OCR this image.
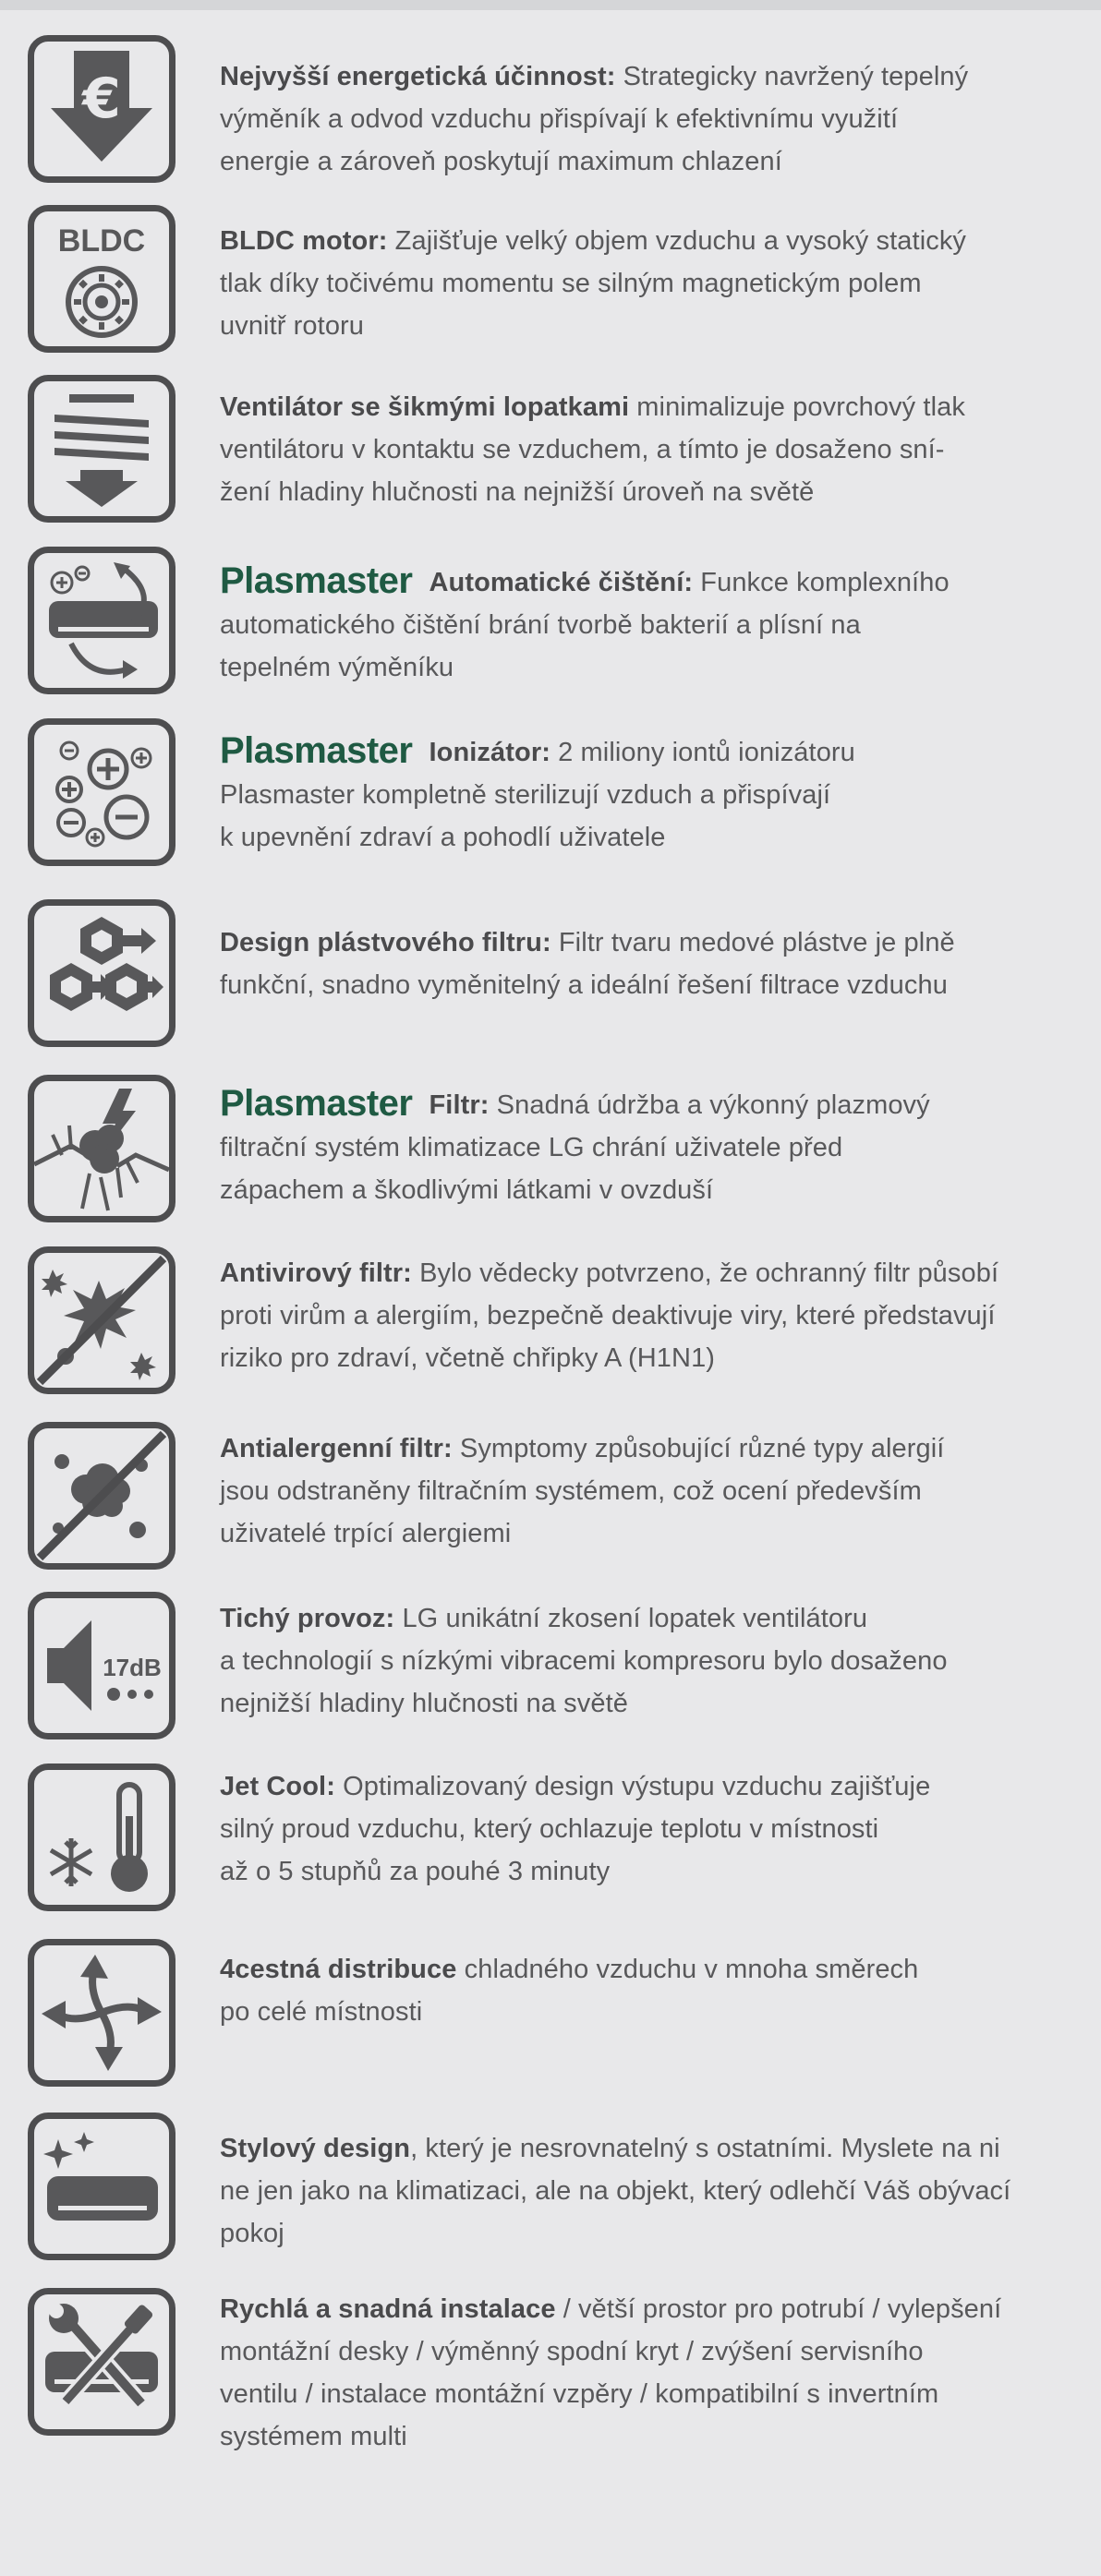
€	Nejvyšší energetická účinnost: Strategicky navržený tepelný
výměník a odvod vzduchu přispívají k efektivnímu využití
energie a zároveň poskytují maximum chlazení
BLDC	BLDC motor: Zajišťuje velký objem vzduchu a vysoký statický
tlak díky točivému momentu se silným magnetickým polem
uvnitř rotoru
Ventilátor se šikmými lopatkami minimalizuje povrchový tlak
ventilátoru v kontaktu se vzduchem, a tímto je dosaženo sní-
žení hladiny hlučnosti na nejnižší úroveň na světě
Plasmaster Automatické čištění: Funkce komplexního
automatického čištění brání tvorbě bakterií a plísní na
tepelném výměníku
Plasmaster Ionizátor: 2 miliony iontů ionizátoru
Plasmaster kompletně sterilizují vzduch a přispívají
k upevnění zdraví a pohodlí uživatele
Design plástvového filtru: Filtr tvaru medové plástve je plně
funkční, snadno vyměnitelný a ideální řešení filtrace vzduchu
Plasmaster Filtr: Snadná údržba a výkonný plazmový
filtrační systém klimatizace LG chrání uživatele před
zápachem a škodlivými látkami v ovzduší
Antivirový filtr: Bylo vědecky potvrzeno, že ochranný filtr působí
proti virům a alergiím, bezpečně deaktivuje viry, které představují
riziko pro zdraví, včetně chřipky A (H1N1)
Antialergenní filtr: Symptomy způsobující různé typy alergií
jsou odstraněny filtračním systémem, což ocení především
uživatelé trpící alergiemi
17dB
Tichý provoz: LG unikátní zkosení lopatek ventilátoru
a technologií s nízkými vibracemi kompresoru bylo dosaženo
nejnižší hladiny hlučnosti na světě
Jet Cool: Optimalizovaný design výstupu vzduchu zajišťuje
silný proud vzduchu, který ochlazuje teplotu v místnosti
až o 5 stupňů za pouhé 3 minuty
4cestná distribuce chladného vzduchu v mnoha směrech
po celé místnosti
Stylový design, který je nesrovnatelný s ostatními. Myslete na ni
ne jen jako na klimatizaci, ale na objekt, který odlehčí Váš obývací
pokoj
Rychlá a snadná instalace / větší prostor pro potrubí / vylepšení
montážní desky / výměnný spodní kryt / zvýšení servisního
ventilu / instalace montážní vzpěry / kompatibilní s invertním
systémem multi
